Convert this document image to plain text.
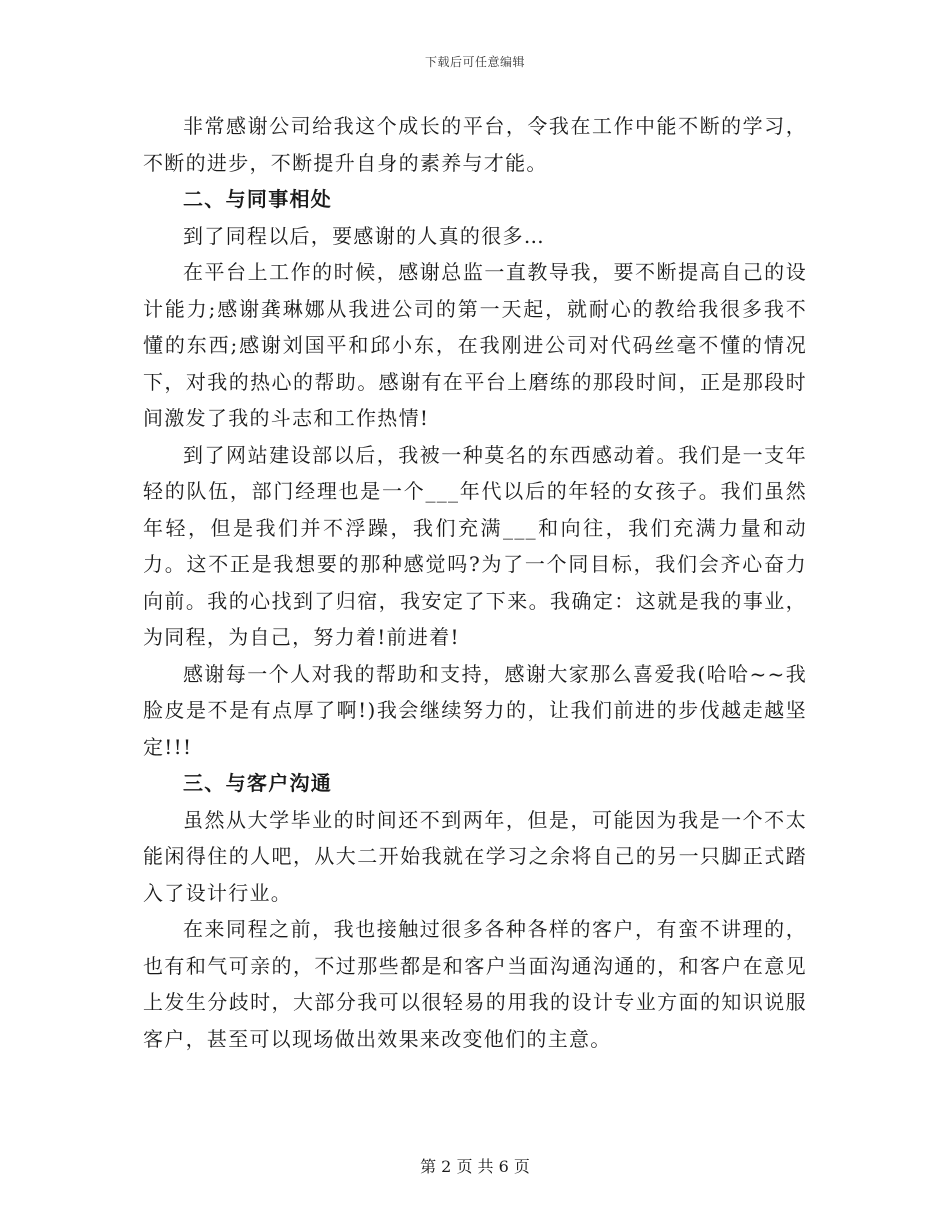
下载后可任意编辑

非常感谢公司给我这个成长的平台，令我在工作中能不断的学习，不断的进步，不断提升自身的素养与才能。

二、与同事相处

到了同程以后，要感谢的人真的很多…

在平台上工作的时候，感谢总监一直教导我，要不断提高自己的设计能力;感谢龚琳娜从我进公司的第一天起，就耐心的教给我很多我不懂的东西;感谢刘国平和邱小东，在我刚进公司对代码丝毫不懂的情况下，对我的热心的帮助。感谢有在平台上磨练的那段时间，正是那段时间激发了我的斗志和工作热情!

到了网站建设部以后，我被一种莫名的东西感动着。我们是一支年轻的队伍，部门经理也是一个___年代以后的年轻的女孩子。我们虽然年轻，但是我们并不浮躁，我们充满___和向往，我们充满力量和动力。这不正是我想要的那种感觉吗?为了一个同目标，我们会齐心奋力向前。我的心找到了归宿，我安定了下来。我确定：这就是我的事业，为同程，为自己，努力着!前进着!

感谢每一个人对我的帮助和支持，感谢大家那么喜爱我(哈哈~~我脸皮是不是有点厚了啊!)我会继续努力的，让我们前进的步伐越走越坚定!!!

三、与客户沟通

虽然从大学毕业的时间还不到两年，但是，可能因为我是一个不太能闲得住的人吧，从大二开始我就在学习之余将自己的另一只脚正式踏入了设计行业。

在来同程之前，我也接触过很多各种各样的客户，有蛮不讲理的，也有和气可亲的，不过那些都是和客户当面沟通沟通的，和客户在意见上发生分歧时，大部分我可以很轻易的用我的设计专业方面的知识说服客户，甚至可以现场做出效果来改变他们的主意。

第 2 页 共 6 页
